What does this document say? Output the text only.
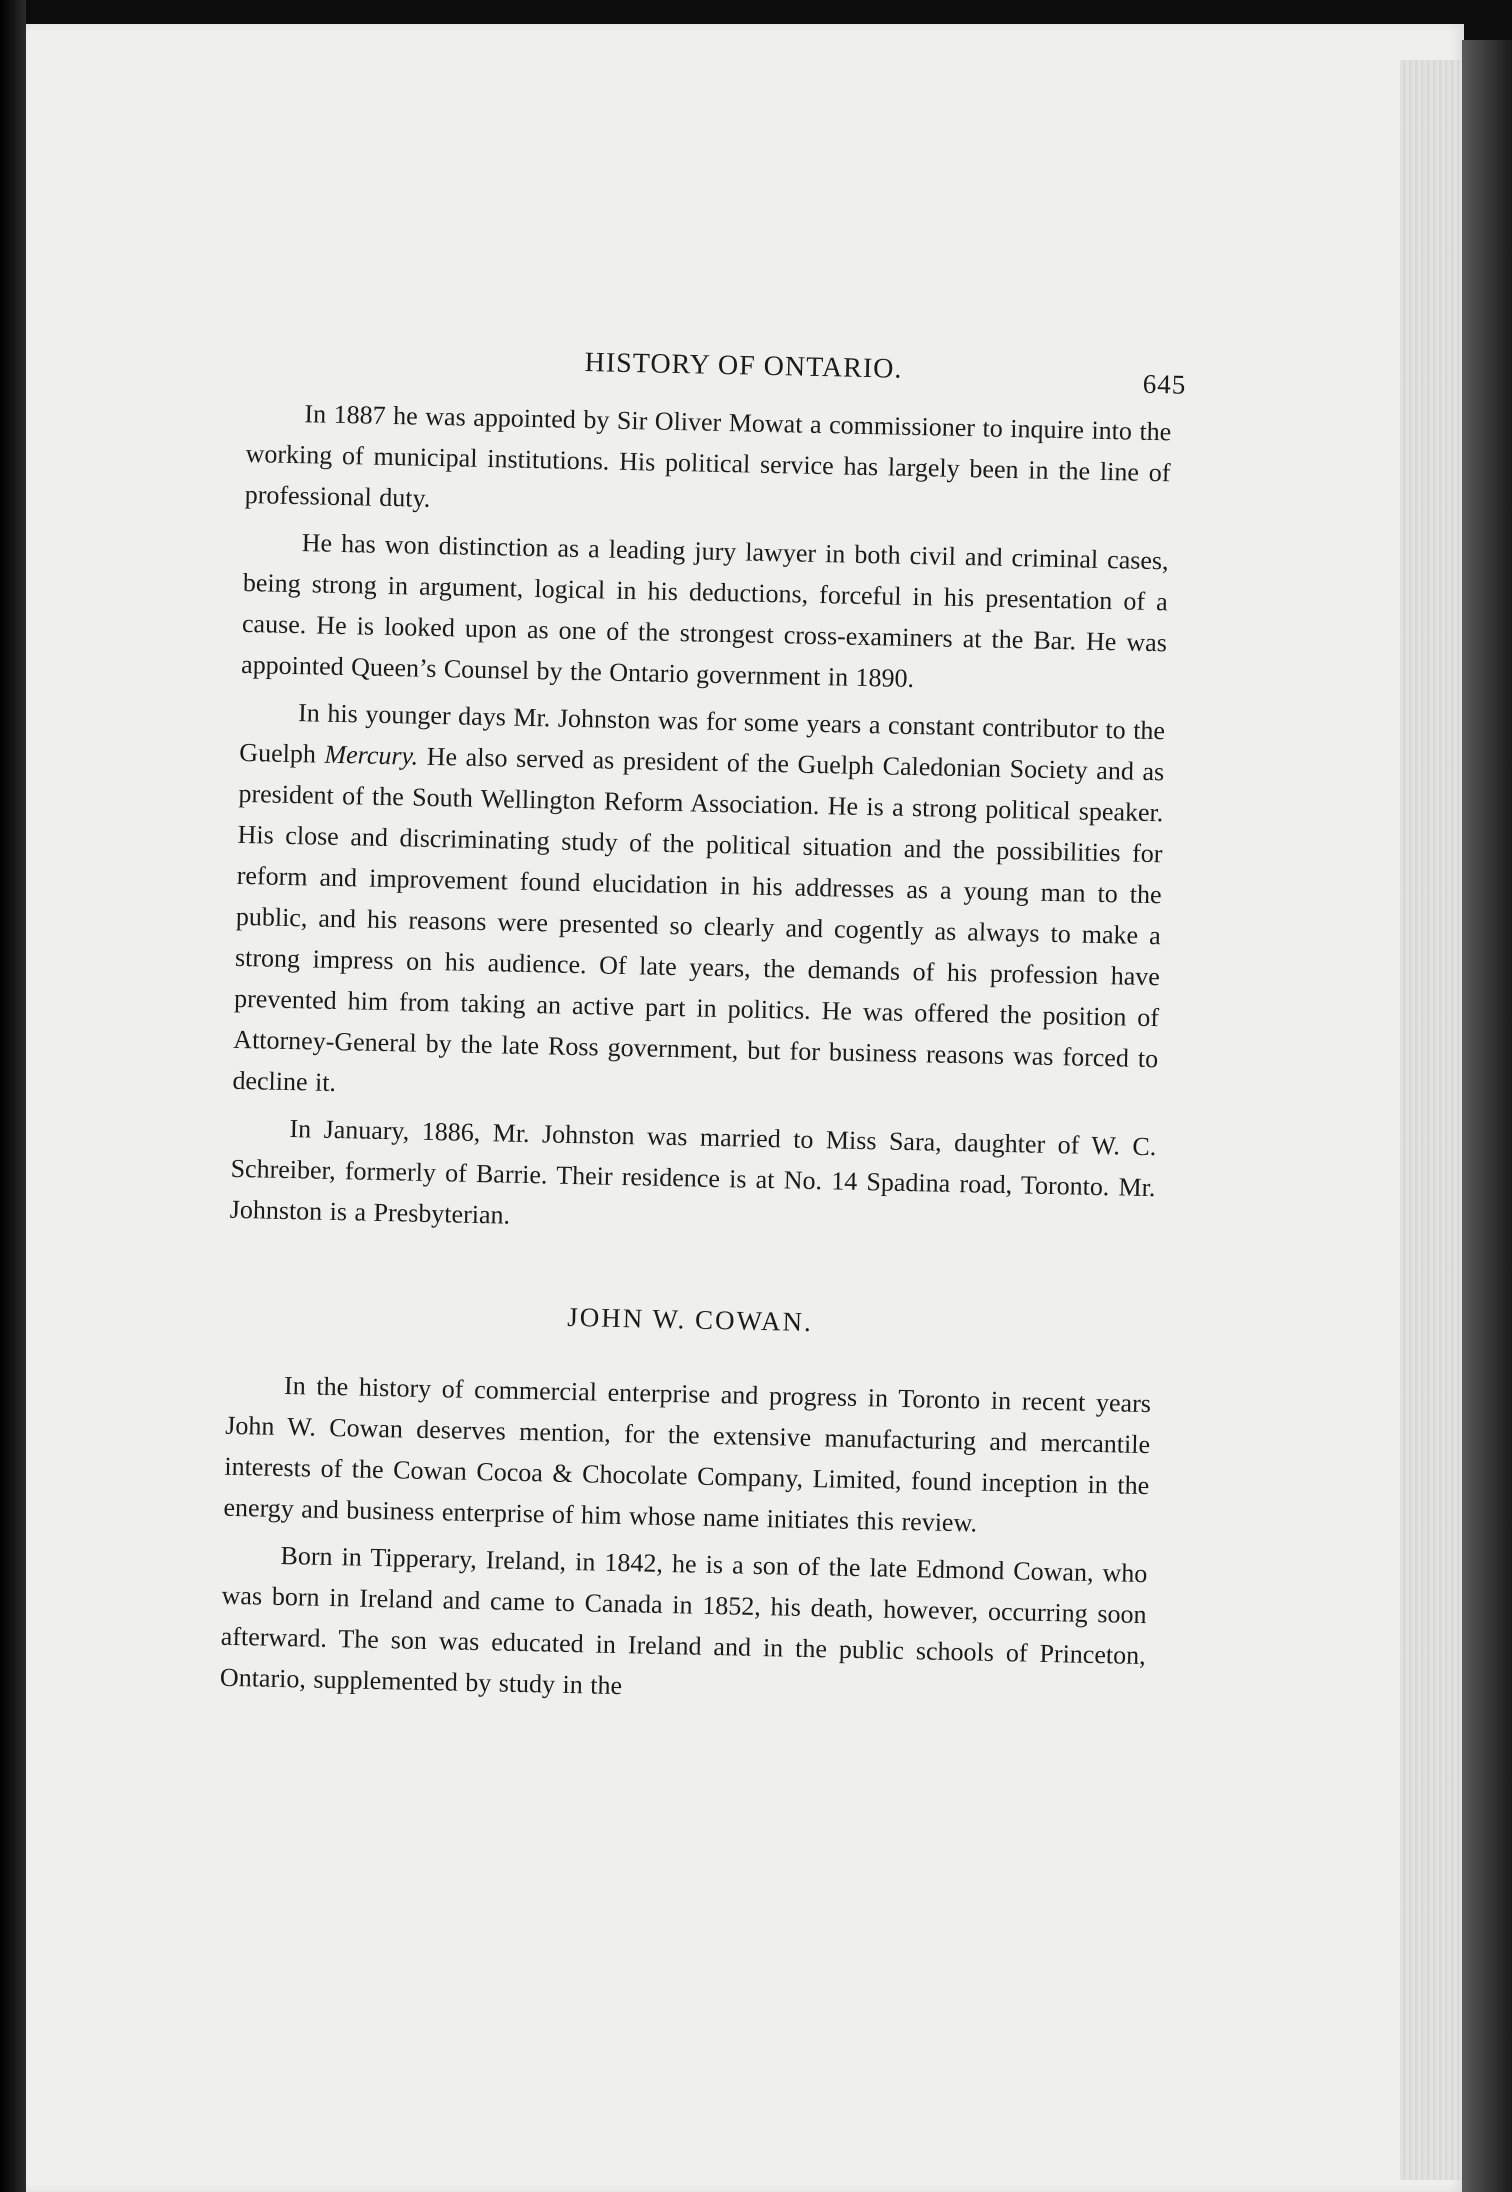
HISTORY OF ONTARIO.	645

In 1887 he was appointed by Sir Oliver Mowat a commissioner to inquire into the working of municipal institutions. His political service has largely been in the line of professional duty.

He has won distinction as a leading jury lawyer in both civil and criminal cases, being strong in argument, logical in his deductions, forceful in his presentation of a cause. He is looked upon as one of the strongest cross-examiners at the Bar. He was appointed Queen’s Counsel by the Ontario government in 1890.

In his younger days Mr. Johnston was for some years a constant contributor to the Guelph Mercury. He also served as president of the Guelph Caledonian Society and as president of the South Wellington Reform Association. He is a strong political speaker. His close and discriminating study of the political situation and the possibilities for reform and improvement found elucidation in his addresses as a young man to the public, and his reasons were presented so clearly and cogently as always to make a strong impress on his audience. Of late years, the demands of his profession have prevented him from taking an active part in politics. He was offered the position of Attorney-General by the late Ross government, but for business reasons was forced to decline it.

In January, 1886, Mr. Johnston was married to Miss Sara, daughter of W. C. Schreiber, formerly of Barrie. Their residence is at No. 14 Spadina road, Toronto. Mr. Johnston is a Presbyterian.

JOHN W. COWAN.

In the history of commercial enterprise and progress in Toronto in recent years John W. Cowan deserves mention, for the extensive manufacturing and mercantile interests of the Cowan Cocoa & Chocolate Company, Limited, found inception in the energy and business enterprise of him whose name initiates this review.

Born in Tipperary, Ireland, in 1842, he is a son of the late Edmond Cowan, who was born in Ireland and came to Canada in 1852, his death, however, occurring soon afterward. The son was educated in Ireland and in the public schools of Princeton, Ontario, supplemented by study in the
